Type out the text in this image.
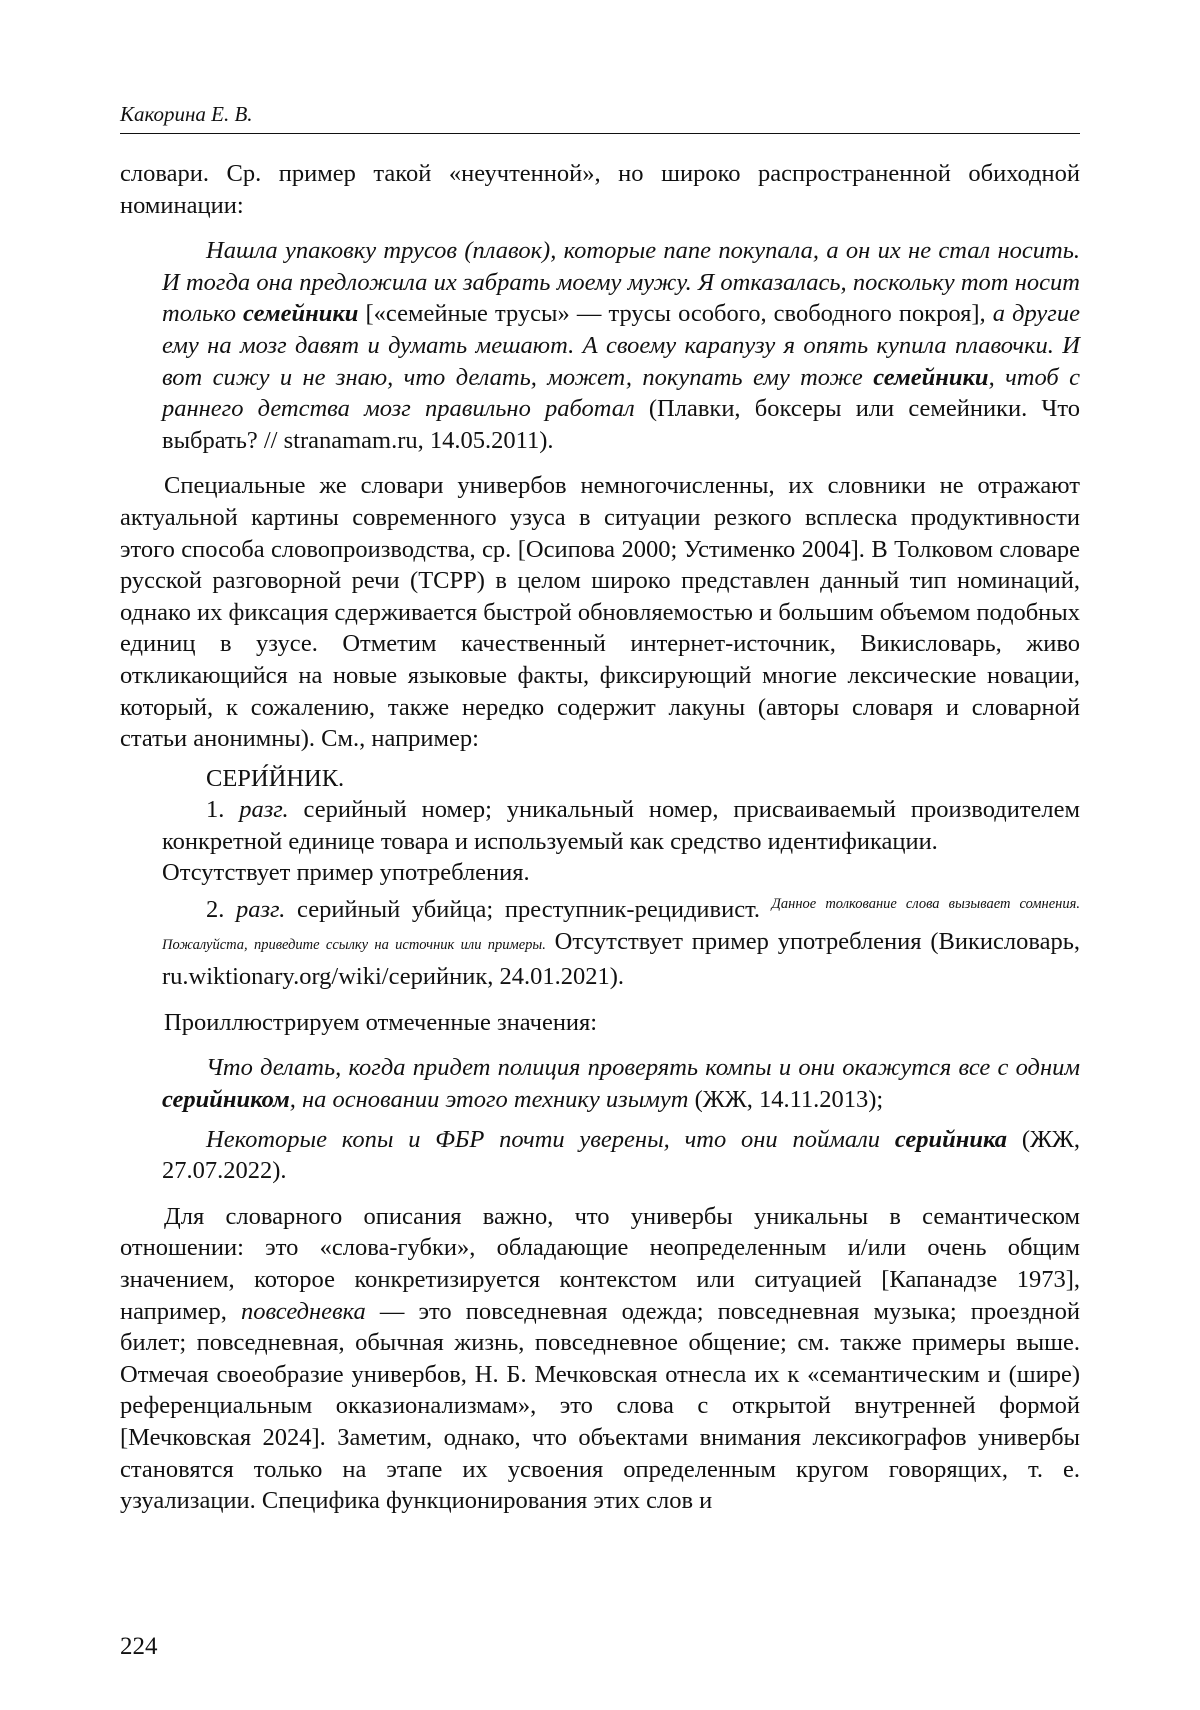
Какорина Е. В.

словари. Ср. пример такой «неучтенной», но широко распространенной обиходной номинации:

Нашла упаковку трусов (плавок), которые папе покупала, а он их не стал носить. И тогда она предложила их забрать моему мужу. Я отказалась, поскольку тот носит только семейники [«семейные трусы» — трусы особого, свободного покроя], а другие ему на мозг давят и думать мешают. А своему карапузу я опять купила плавочки. И вот сижу и не знаю, что делать, может, покупать ему тоже семейники, чтоб с раннего детства мозг правильно работал (Плавки, боксеры или семейники. Что выбрать? // stranamam.ru, 14.05.2011).

Специальные же словари универбов немногочисленны, их словники не отражают актуальной картины современного узуса в ситуации резкого всплеска продуктивности этого способа словопроизводства, ср. [Осипова 2000; Устименко 2004]. В Толковом словаре русской разговорной речи (ТСРР) в целом широко представлен данный тип номинаций, однако их фиксация сдерживается быстрой обновляемостью и большим объемом подобных единиц в узусе. Отметим качественный интернет-источник, Викисловарь, живо откликающийся на новые языковые факты, фиксирующий многие лексические новации, который, к сожалению, также нередко содержит лакуны (авторы словаря и словарной статьи анонимны). См., например:

СЕРИ́ЙНИК.

1. разг. серийный номер; уникальный номер, присваиваемый производителем конкретной единице товара и используемый как средство идентификации.

Отсутствует пример употребления.

2. разг. серийный убийца; преступник-рецидивист. $^{Данное толкование слова вызывает сомнения.}$ Пожалуйста, приведите ссылку на источник или примеры. Отсутствует пример употребления (Викисловарь, ru.wiktionary.org/wiki/серийник, 24.01.2021).

Проиллюстрируем отмеченные значения:

Что делать, когда придет полиция проверять компы и они окажутся все с одним серийником, на основании этого технику изымут (ЖЖ, 14.11.2013);

Некоторые копы и ФБР почти уверены, что они поймали серийника (ЖЖ, 27.07.2022).

Для словарного описания важно, что универбы уникальны в семантическом отношении: это «слова-губки», обладающие неопределенным и/или очень общим значением, которое конкретизируется контекстом или ситуацией [Капанадзе 1973], например, повседневка — это повседневная одежда; повседневная музыка; проездной билет; повседневная, обычная жизнь, повседневное общение; см. также примеры выше. Отмечая своеобразие универбов, Н. Б. Мечковская отнесла их к «семантическим и (шире) референциальным окказионализмам», это слова с открытой внутренней формой [Мечковская 2024]. Заметим, однако, что объектами внимания лексикографов универбы становятся только на этапе их усвоения определенным кругом говорящих, т. е. узуализации. Специфика функционирования этих слов и

224
